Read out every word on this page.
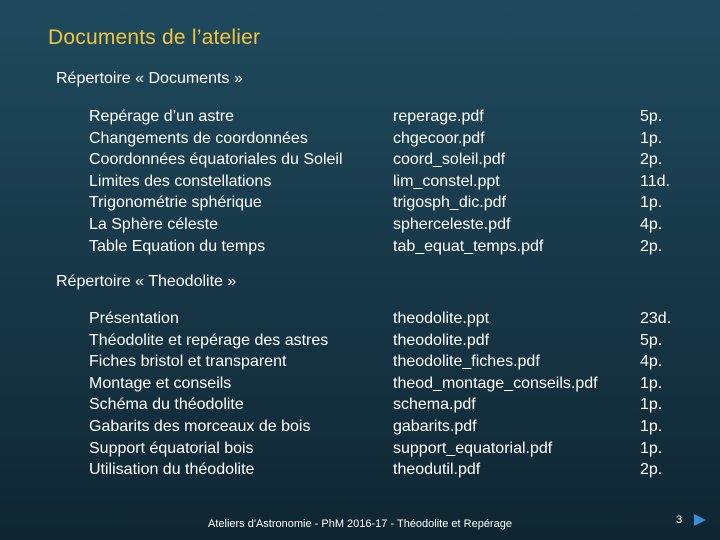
Documents de l’atelier
Répertoire « Documents »
Repérage d’un astre	reperage.pdf	5p.
Changements de coordonnées	chgecoor.pdf	1p.
Coordonnées équatoriales du Soleil	coord_soleil.pdf	2p.
Limites des constellations	lim_constel.ppt	11d.
Trigonométrie sphérique	trigosph_dic.pdf	1p.
La Sphère céleste	spherceleste.pdf	4p.
Table Equation du temps	tab_equat_temps.pdf	2p.
Répertoire « Theodolite »
Présentation	theodolite.ppt	23d.
Théodolite et repérage des astres	theodolite.pdf	5p.
Fiches bristol et transparent	theodolite_fiches.pdf	4p.
Montage et conseils	theod_montage_conseils.pdf	1p.
Schéma du théodolite	schema.pdf	1p.
Gabarits des morceaux de bois	gabarits.pdf	1p.
Support équatorial bois	support_equatorial.pdf	1p.
Utilisation du théodolite	theodutil.pdf	2p.
Ateliers d'Astronomie - PhM 2016-17 - Théodolite et Repérage	3
